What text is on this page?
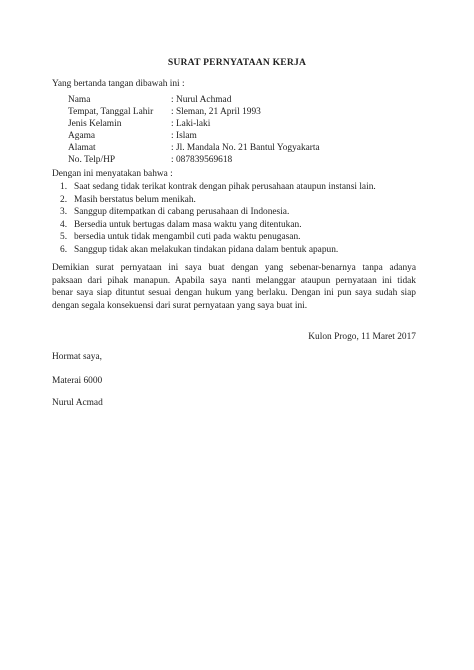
SURAT PERNYATAAN KERJA
Yang bertanda tangan dibawah ini :
Nama	: Nurul Achmad
Tempat, Tanggal Lahir : Sleman, 21 April 1993
Jenis Kelamin	: Laki-laki
Agama	: Islam
Alamat	: Jl. Mandala No. 21 Bantul Yogyakarta
No. Telp/HP	: 087839569618
Dengan ini menyatakan bahwa :
1. Saat sedang tidak terikat kontrak dengan pihak perusahaan ataupun instansi lain.
2. Masih berstatus belum menikah.
3. Sanggup ditempatkan di cabang perusahaan di Indonesia.
4. Bersedia untuk bertugas dalam masa waktu yang ditentukan.
5. bersedia untuk tidak mengambil cuti pada waktu penugasan.
6. Sanggup tidak akan melakukan tindakan pidana dalam bentuk apapun.
Demikian surat pernyataan ini saya buat dengan yang sebenar-benarnya tanpa adanya
paksaan dari pihak manapun. Apabila saya nanti melanggar ataupun pernyataan ini tidak
benar saya siap dituntut sesuai dengan hukum yang berlaku. Dengan ini pun saya sudah siap
dengan segala konsekuensi dari surat pernyataan yang saya buat ini.
Kulon Progo, 11 Maret 2017
Hormat saya,
Materai 6000
Nurul Acmad
